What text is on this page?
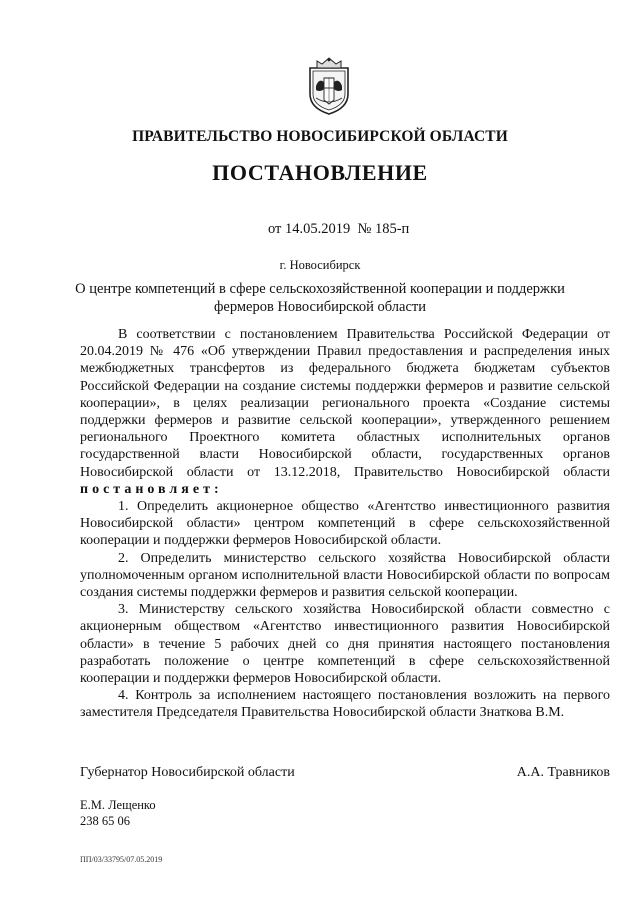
ПРАВИТЕЛЬСТВО НОВОСИБИРСКОЙ ОБЛАСТИ
ПОСТАНОВЛЕНИЕ
от 14.05.2019  № 185-п
г. Новосибирск
О центре компетенций в сфере сельскохозяйственной кооперации и поддержки фермеров Новосибирской области

В соответствии с постановлением Правительства Российской Федерации от 20.04.2019 № 476 «Об утверждении Правил предоставления и распределения иных межбюджетных трансфертов из федерального бюджета бюджетам субъектов Российской Федерации на создание системы поддержки фермеров и развитие сельской кооперации», в целях реализации регионального проекта «Создание системы поддержки фермеров и развитие сельской кооперации», утвержденного решением регионального Проектного комитета областных исполнительных органов государственной власти Новосибирской области, государственных органов Новосибирской области от 13.12.2018, Правительство Новосибирской области постановляет:

1. Определить акционерное общество «Агентство инвестиционного развития Новосибирской области» центром компетенций в сфере сельскохозяйственной кооперации и поддержки фермеров Новосибирской области.

2. Определить министерство сельского хозяйства Новосибирской области уполномоченным органом исполнительной власти Новосибирской области по вопросам создания системы поддержки фермеров и развития сельской кооперации.

3. Министерству сельского хозяйства Новосибирской области совместно с акционерным обществом «Агентство инвестиционного развития Новосибирской области» в течение 5 рабочих дней со дня принятия настоящего постановления разработать положение о центре компетенций в сфере сельскохозяйственной кооперации и поддержки фермеров Новосибирской области.

4. Контроль за исполнением настоящего постановления возложить на первого заместителя Председателя Правительства Новосибирской области Знаткова В.М.

Губернатор Новосибирской области	А.А. Травников
Е.М. Лещенко
238 65 06
ПП/03/33795/07.05.2019
